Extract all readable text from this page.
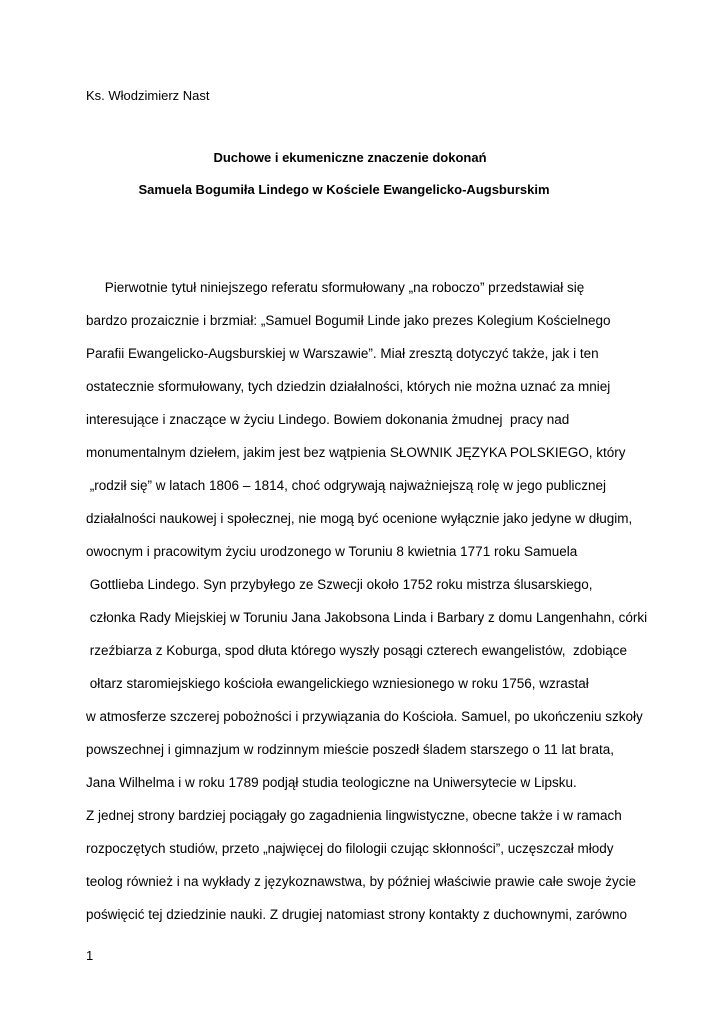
Ks. Włodzimierz Nast
Duchowe i ekumeniczne znaczenie dokonań
Samuela Bogumiła Lindego w Kościele Ewangelicko-Augsburskim
Pierwotnie tytuł niniejszego referatu sformułowany „na roboczo” przedstawiał się
bardzo prozaicznie i brzmiał: „Samuel Bogumił Linde jako prezes Kolegium Kościelnego
Parafii Ewangelicko-Augsburskiej w Warszawie”. Miał zresztą dotyczyć także, jak i ten
ostatecznie sformułowany, tych dziedzin działalności, których nie można uznać za mniej
interesujące i znaczące w życiu Lindego. Bowiem dokonania żmudnej  pracy nad
monumentalnym dziełem, jakim jest bez wątpienia SŁOWNIK JĘZYKA POLSKIEGO, który
„rodził się” w latach 1806 – 1814, choć odgrywają najważniejszą rolę w jego publicznej
działalności naukowej i społecznej, nie mogą być ocenione wyłącznie jako jedyne w długim,
owocnym i pracowitym życiu urodzonego w Toruniu 8 kwietnia 1771 roku Samuela
Gottlieba Lindego. Syn przybyłego ze Szwecji około 1752 roku mistrza ślusarskiego,
członka Rady Miejskiej w Toruniu Jana Jakobsona Linda i Barbary z domu Langenhahn, córki
rzeźbiarza z Koburga, spod dłuta którego wyszły posągi czterech ewangelistów,  zdobiące
ołtarz staromiejskiego kościoła ewangelickiego wzniesionego w roku 1756, wzrastał
w atmosferze szczerej pobożności i przywiązania do Kościoła. Samuel, po ukończeniu szkoły
powszechnej i gimnazjum w rodzinnym mieście poszedł śladem starszego o 11 lat brata,
Jana Wilhelma i w roku 1789 podjął studia teologiczne na Uniwersytecie w Lipsku.
Z jednej strony bardziej pociągały go zagadnienia lingwistyczne, obecne także i w ramach
rozpoczętych studiów, przeto „najwięcej do filologii czując skłonności”, uczęszczał młody
teolog również i na wykłady z językoznawstwa, by później właściwie prawie całe swoje życie
poświęcić tej dziedzinie nauki. Z drugiej natomiast strony kontakty z duchownymi, zarówno
1
